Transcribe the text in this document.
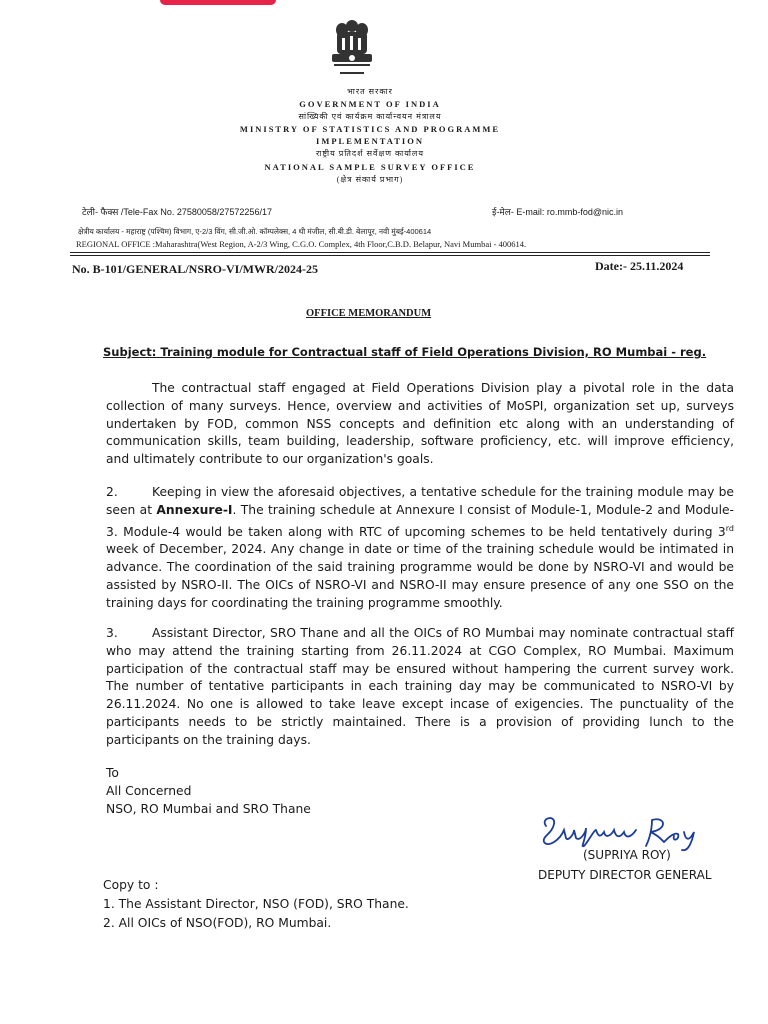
भारत सरकार
GOVERNMENT OF INDIA
सांख्यिकी एवं कार्यक्रम कार्यान्वयन मंत्रालय
MINISTRY OF STATISTICS AND PROGRAMME
IMPLEMENTATION
राष्ट्रीय प्रतिदर्श सर्वेक्षण कार्यालय
NATIONAL SAMPLE SURVEY OFFICE
(क्षेत्र संकार्य प्रभाग)
टेली- फैक्स /Tele-Fax No. 27580058/27572256/17	ई-मेल- E-mail: ro.mmb-fod@nic.in
क्षेत्रीय कार्यालय - महाराष्ट्र (पश्चिम) विभाग, ए-2/3 विंग, सी.जी.ओ. कॉम्पलेक्स, 4 थी मंजील, सी.बी.डी. बेलापूर, नवी मुंबई-400614
REGIONAL OFFICE :Maharashtra(West Region, A-2/3 Wing, C.G.O. Complex, 4th Floor,C.B.D. Belapur, Navi Mumbai - 400614.
No. B-101/GENERAL/NSRO-VI/MWR/2024-25	Date:- 25.11.2024
OFFICE MEMORANDUM
Subject: Training module for Contractual staff of Field Operations Division, RO Mumbai - reg.

The contractual staff engaged at Field Operations Division play a pivotal role in the data collection of many surveys. Hence, overview and activities of MoSPI, organization set up, surveys undertaken by FOD, common NSS concepts and definition etc along with an understanding of communication skills, team building, leadership, software proficiency, etc. will improve efficiency, and ultimately contribute to our organization's goals.

2.	Keeping in view the aforesaid objectives, a tentative schedule for the training module may be seen at Annexure-I. The training schedule at Annexure I consist of Module-1, Module-2 and Module-3. Module-4 would be taken along with RTC of upcoming schemes to be held tentatively during 3rd week of December, 2024. Any change in date or time of the training schedule would be intimated in advance. The coordination of the said training programme would be done by NSRO-VI and would be assisted by NSRO-II. The OICs of NSRO-VI and NSRO-II may ensure presence of any one SSO on the training days for coordinating the training programme smoothly.

3.	Assistant Director, SRO Thane and all the OICs of RO Mumbai may nominate contractual staff who may attend the training starting from 26.11.2024 at CGO Complex, RO Mumbai. Maximum participation of the contractual staff may be ensured without hampering the current survey work. The number of tentative participants in each training day may be communicated to NSRO-VI by 26.11.2024. No one is allowed to take leave except incase of exigencies. The punctuality of the participants needs to be strictly maintained. There is a provision of providing lunch to the participants on the training days.

To
All Concerned
NSO, RO Mumbai and SRO Thane
(SUPRIYA ROY)
DEPUTY DIRECTOR GENERAL
Copy to :
1. The Assistant Director, NSO (FOD), SRO Thane.
2. All OICs of NSO(FOD), RO Mumbai.
